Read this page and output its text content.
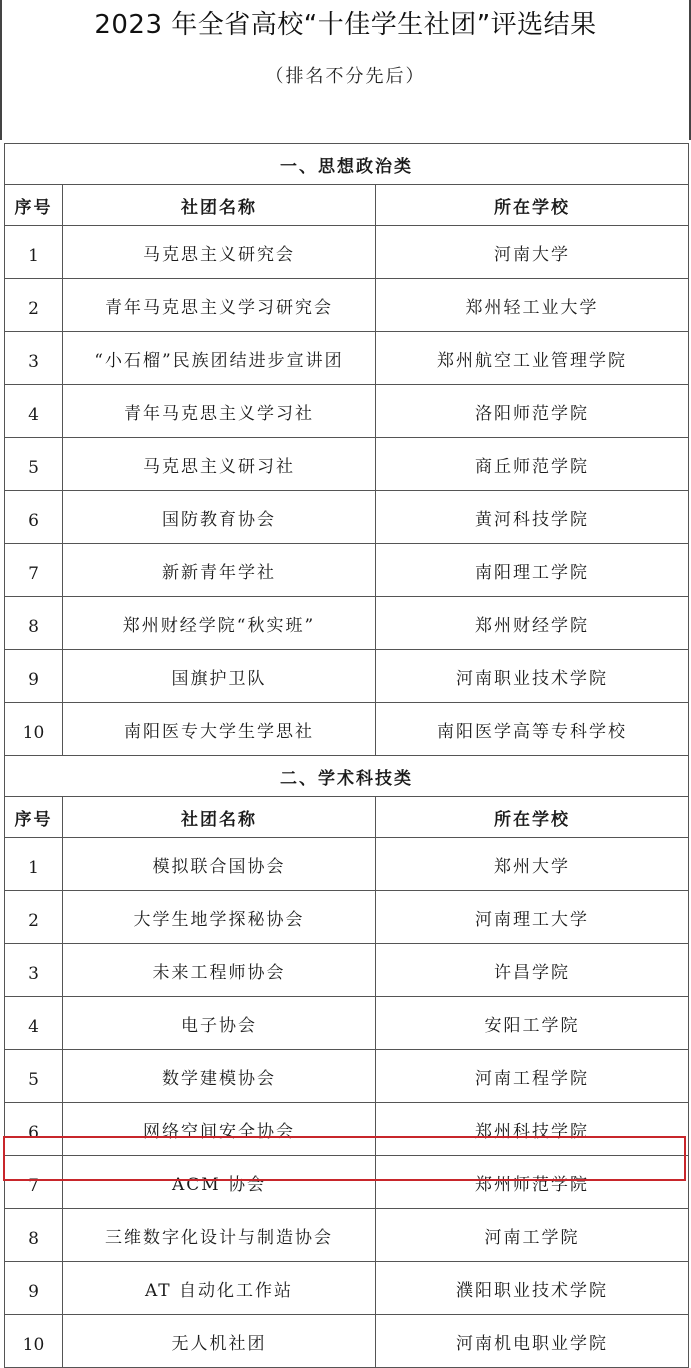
2023 年全省高校“十佳学生社团”评选结果
（排名不分先后）
一、思想政治类		
序号	社团名称	所在学校
1	马克思主义研究会	河南大学
2	青年马克思主义学习研究会	郑州轻工业大学
3	“小石榴”民族团结进步宣讲团	郑州航空工业管理学院
4	青年马克思主义学习社	洛阳师范学院
5	马克思主义研习社	商丘师范学院
6	国防教育协会	黄河科技学院
7	新新青年学社	南阳理工学院
8	郑州财经学院“秋实班”	郑州财经学院
9	国旗护卫队	河南职业技术学院
10	南阳医专大学生学思社	南阳医学高等专科学校
二、学术科技类		
序号	社团名称	所在学校
1	模拟联合国协会	郑州大学
2	大学生地学探秘协会	河南理工大学
3	未来工程师协会	许昌学院
4	电子协会	安阳工学院
5	数学建模协会	河南工程学院
6	网络空间安全协会	郑州科技学院
7	ACM 协会	郑州师范学院
8	三维数字化设计与制造协会	河南工学院
9	AT 自动化工作站	濮阳职业技术学院
10	无人机社团	河南机电职业学院
